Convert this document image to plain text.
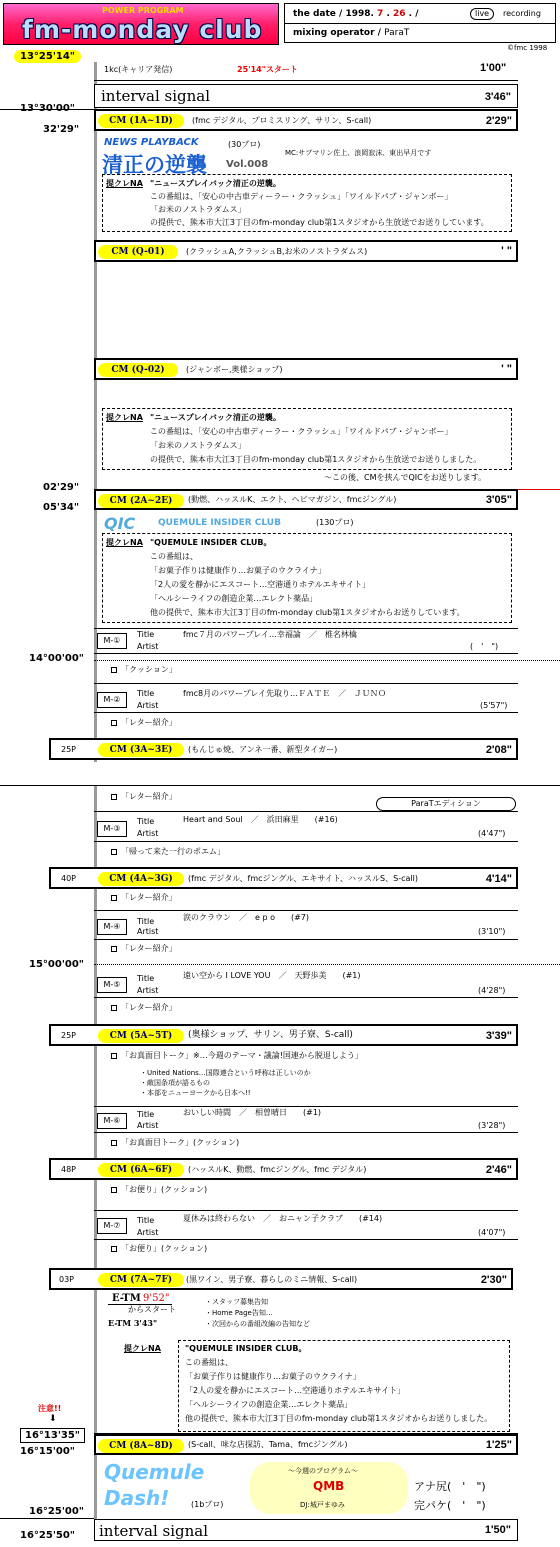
POWER PROGRAM
fm-monday club
the date / 1998. 7 . 26 . /	live	recording
mixing operator / ParaT
©fmc 1998
13°25'14"
1kc(キャリア発信)	25'14"スタート	1'00"
interval signal	3'46"
32'29"
CM (1A~1D)	(fmc デジタル、プロミスリング、サリン、S-call)	2'29"
NEWS PLAYBACK	(30プロ)
MC:サブマリン佐上、浪岡寂沫、東出早月です
清正の逆襲 Vol.008
提クレNA "ニュースプレイバック清正の逆襲。
この番組は、「安心の中古車ディーラー・クラッシュ」「ワイルドパブ・ジャンボー」
「お米のノストラダムス」
の提供で、熊本市大江3丁目のfm-monday club第1スタジオから生放送でお送りしています。
CM (Q-01)	(クラッシュA,クラッシュB,お米のノストラダムス)	' "
CM (Q-02)	(ジャンボー,奥様ショップ)	' "
提クレNA "ニュースプレイバック清正の逆襲。
この番組は、「安心の中古車ディーラー・クラッシュ」「ワイルドパブ・ジャンボー」
「お米のノストラダムス」
の提供で、熊本市大江3丁目のfm-monday club第1スタジオから生放送でお送りしました。
〜この後、CMを挟んでQICをお送りします。
02'29"
05'34"
CM (2A~2E)	(動燃、ハッスルK、エクト、ヘビマガジン、fmcジングル)	3'05"
QIC	QUEMULE INSIDER CLUB	(130プロ)
提クレNA "QUEMULE INSIDER CLUB。
この番組は、
「お菓子作りは健康作り…お菓子のウクライナ」
「2人の愛を静かにエスコート…空港通りホテルエキサイト」
「ヘルシーライフの創造企業…エレクト薬品」
他の提供で、熊本市大江3丁目のfm-monday club第1スタジオからお送りしています。
M-①
Title	fmc７月のパワープレイ…幸福論　／　椎名林檎
Artist	(　'　")
14°00'00"
「クッション」
M-②
Title	fmc8月のパワープレイ先取り…ＦＡＴＥ　／　ＪＵＮＯ
Artist	(5'57")
「レター紹介」
25P	CM (3A~3E)	(もんじゅ焼、アンネ一番、新型タイガー)	2'08"
「レター紹介」
ParaTエディション
M-③
Title	Heart and Soul　／　浜田麻里　　(#16)
Artist	(4'47")
「帰って来た一行のポエム」
40P	CM (4A~3G)	(fmc デジタル、fmcジングル、エキサイト、ハッスルS、S-call)	4'14"
「レター紹介」
M-④
Title	涙のクラウン　／　e p o　　(#7)
Artist	(3'10")
「レター紹介」
15°00'00"
M-⑤
Title	遠い空から I LOVE YOU　／　天野歩美　　(#1)
Artist	(4'28")
「レター紹介」
25P	CM (5A~5T)	(奥様ショップ、サリン、男子寮、S-call)	3'39"
「お真面目トーク」※…今週のテーマ・議論!国連から脱退しよう」
・United Nations…国際連合という呼称は正しいのか
・敵国条項が語るもの
・本部をニューヨークから日本へ!!
M-⑥
Title	おいしい時間　／　相曽晴日　　(#1)
Artist	(3'28")
「お真面目トーク」(クッション)
48P	CM (6A~6F)	(ハッスルK、動燃、fmcジングル、fmc デジタル)	2'46"
「お便り」(クッション)
M-⑦
Title	夏休みは終わらない　／　おニャン子クラブ　　(#14)
Artist	(4'07")
「お便り」(クッション)
03P	CM (7A~7F)	(黒ワイン、男子寮、暮らしのミニ情報、S-call)	2'30"
E-TM 9'52"
からスタート
E-TM 3'43"
・スタッフ募集告知
・Home Page告知…
・次回からの番組改編の告知など
提クレNA	"QUEMULE INSIDER CLUB。
この番組は、
「お菓子作りは健康作り…お菓子のウクライナ」
「2人の愛を静かにエスコート…空港通りホテルエキサイト」
「ヘルシーライフの創造企業…エレクト薬品」
他の提供で、熊本市大江3丁目のfm-monday club第1スタジオからお送りしました。
注意!!
⬇
16°13'35"
16°15'00"	CM (8A~8D)	(S-call、味な店探訪、Tama、fmcジングル)	1'25"
Quemule
Dash!	(1bプロ)
〜今週のプログラム〜
QMB
DJ:城戸まゆみ
アナ尻(　'　")
完パケ(　'　")
16°25'00"
16°25'50" interval signal	1'50"
